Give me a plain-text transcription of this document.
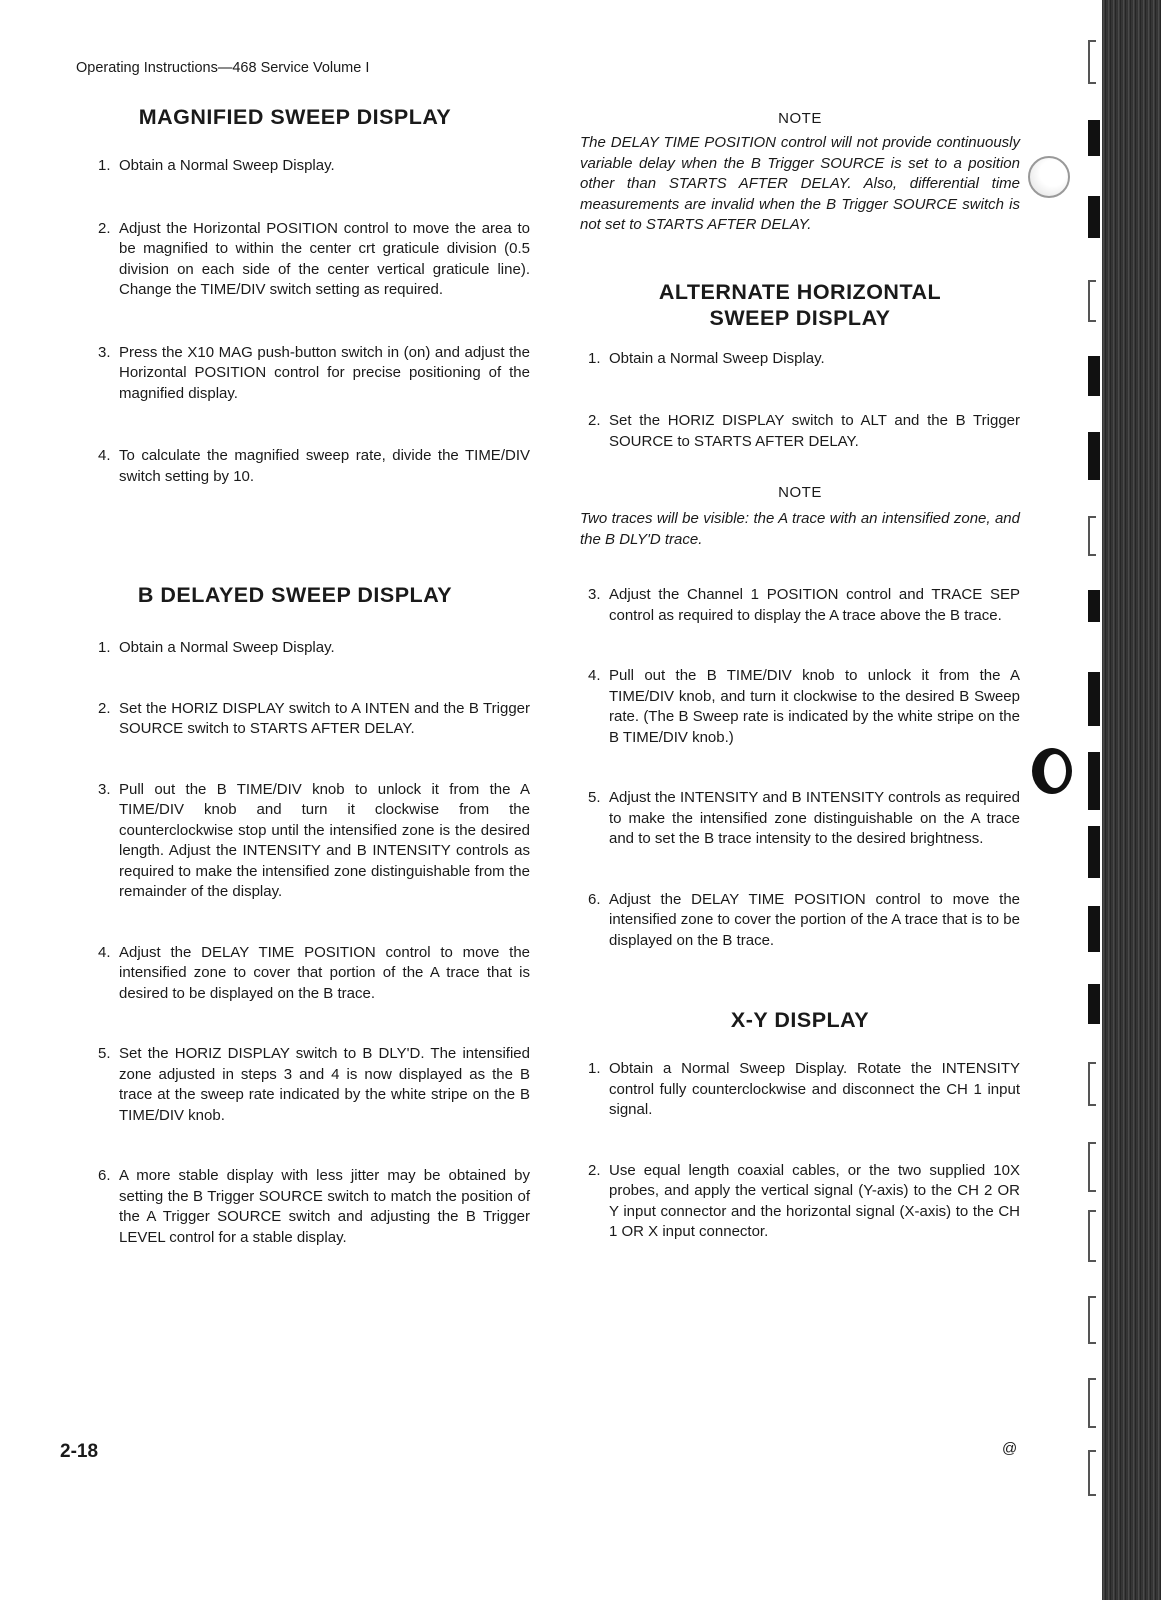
Operating Instructions—468 Service Volume I
MAGNIFIED SWEEP DISPLAY
1. Obtain a Normal Sweep Display.
2. Adjust the Horizontal POSITION control to move the area to be magnified to within the center crt graticule division (0.5 division on each side of the center vertical graticule line). Change the TIME/DIV switch setting as required.
3. Press the X10 MAG push-button switch in (on) and adjust the Horizontal POSITION control for precise positioning of the magnified display.
4. To calculate the magnified sweep rate, divide the TIME/DIV switch setting by 10.
B DELAYED SWEEP DISPLAY
1. Obtain a Normal Sweep Display.
2. Set the HORIZ DISPLAY switch to A INTEN and the B Trigger SOURCE switch to STARTS AFTER DELAY.
3. Pull out the B TIME/DIV knob to unlock it from the A TIME/DIV knob and turn it clockwise from the counterclockwise stop until the intensified zone is the desired length. Adjust the INTENSITY and B INTENSITY controls as required to make the intensified zone distinguishable from the remainder of the display.
4. Adjust the DELAY TIME POSITION control to move the intensified zone to cover that portion of the A trace that is desired to be displayed on the B trace.
5. Set the HORIZ DISPLAY switch to B DLY'D. The intensified zone adjusted in steps 3 and 4 is now displayed as the B trace at the sweep rate indicated by the white stripe on the B TIME/DIV knob.
6. A more stable display with less jitter may be obtained by setting the B Trigger SOURCE switch to match the position of the A Trigger SOURCE switch and adjusting the B Trigger LEVEL control for a stable display.
NOTE
The DELAY TIME POSITION control will not provide continuously variable delay when the B Trigger SOURCE is set to a position other than STARTS AFTER DELAY. Also, differential time measurements are invalid when the B Trigger SOURCE switch is not set to STARTS AFTER DELAY.
ALTERNATE HORIZONTAL
SWEEP DISPLAY
1. Obtain a Normal Sweep Display.
2. Set the HORIZ DISPLAY switch to ALT and the B Trigger SOURCE to STARTS AFTER DELAY.
NOTE
Two traces will be visible: the A trace with an intensified zone, and the B DLY'D trace.
3. Adjust the Channel 1 POSITION control and TRACE SEP control as required to display the A trace above the B trace.
4. Pull out the B TIME/DIV knob to unlock it from the A TIME/DIV knob, and turn it clockwise to the desired B Sweep rate. (The B Sweep rate is indicated by the white stripe on the B TIME/DIV knob.)
5. Adjust the INTENSITY and B INTENSITY controls as required to make the intensified zone distinguishable on the A trace and to set the B trace intensity to the desired brightness.
6. Adjust the DELAY TIME POSITION control to move the intensified zone to cover the portion of the A trace that is to be displayed on the B trace.
X-Y DISPLAY
1. Obtain a Normal Sweep Display. Rotate the INTENSITY control fully counterclockwise and disconnect the CH 1 input signal.
2. Use equal length coaxial cables, or the two supplied 10X probes, and apply the vertical signal (Y-axis) to the CH 2 OR Y input connector and the horizontal signal (X-axis) to the CH 1 OR X input connector.
2-18	@
